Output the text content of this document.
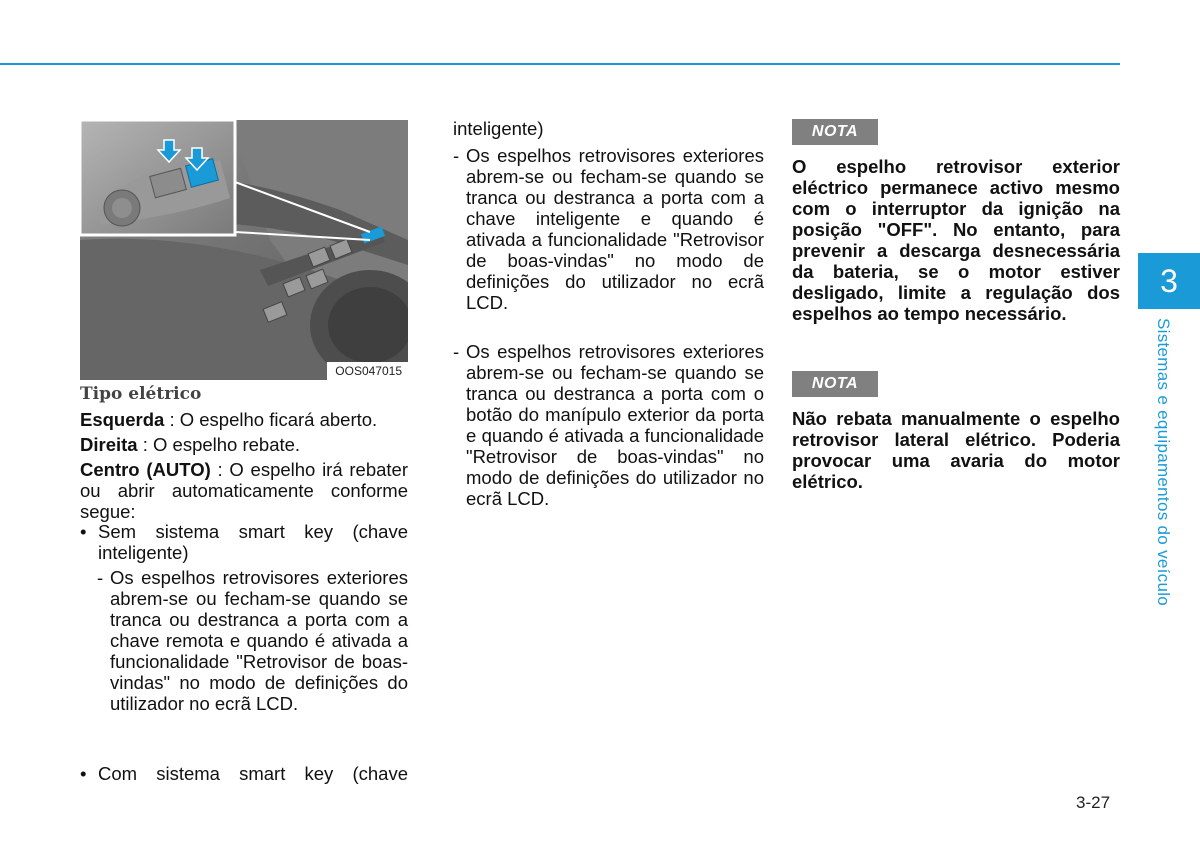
OOS047015
Tipo elétrico
Esquerda : O espelho ficará aberto.
Direita : O espelho rebate.
Centro (AUTO) : O espelho irá rebater ou abrir automaticamente conforme segue:
• Sem sistema smart key (chave inteligente)
- Os espelhos retrovisores exteriores abrem-se ou fecham-se quando se tranca ou destranca a porta com a chave remota e quando é ativada a funcionalidade "Retrovisor de boas-vindas" no modo de definições do utilizador no ecrã LCD.
• Com sistema smart key (chave
inteligente)
- Os espelhos retrovisores exteriores abrem-se ou fecham-se quando se tranca ou destranca a porta com a chave inteligente e quando é ativada a funcionalidade "Retrovisor de boas-vindas" no modo de definições do utilizador no ecrã LCD.
- Os espelhos retrovisores exteriores abrem-se ou fecham-se quando se tranca ou destranca a porta com o botão do manípulo exterior da porta e quando é ativada a funcionalidade "Retrovisor de boas-vindas" no modo de definições do utilizador no ecrã LCD.
NOTA
O espelho retrovisor exterior eléctrico permanece activo mesmo com o interruptor da ignição na posição "OFF". No entanto, para prevenir a descarga desnecessária da bateria, se o motor estiver desligado, limite a regulação dos espelhos ao tempo necessário.
NOTA
Não rebata manualmente o espelho retrovisor lateral elétrico. Poderia provocar uma avaria do motor elétrico.
3
Sistemas e equipamentos do veículo
3-27
